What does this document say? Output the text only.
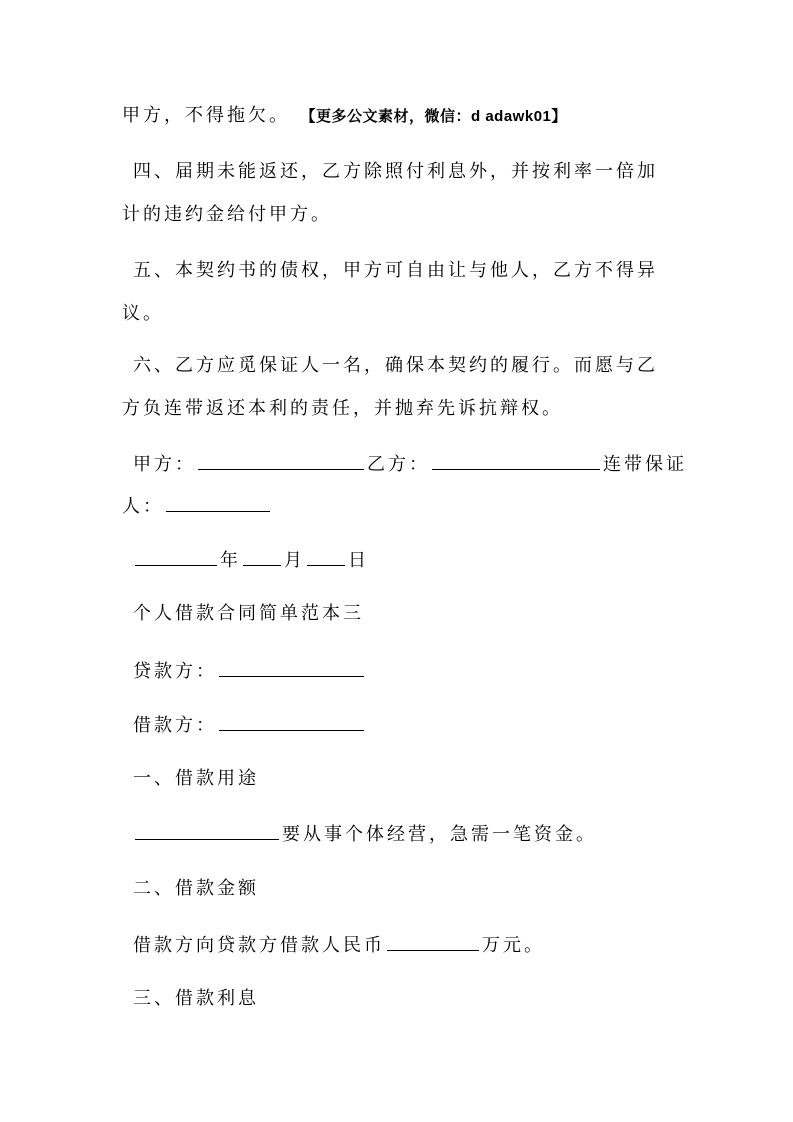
甲方，不得拖欠。 【更多公文素材，微信：d adawk01】
四、届期未能返还，乙方除照付利息外，并按利率一倍加
计的违约金给付甲方。
五、本契约书的债权，甲方可自由让与他人，乙方不得异
议。
六、乙方应觅保证人一名，确保本契约的履行。而愿与乙
方负连带返还本利的责任，并抛弃先诉抗辩权。
甲方：	乙方：	连带保证
人：
年 月 日
个人借款合同简单范本三
贷款方：
借款方：
一、借款用途
要从事个体经营，急需一笔资金。
二、借款金额
借款方向贷款方借款人民币	万元。
三、借款利息
